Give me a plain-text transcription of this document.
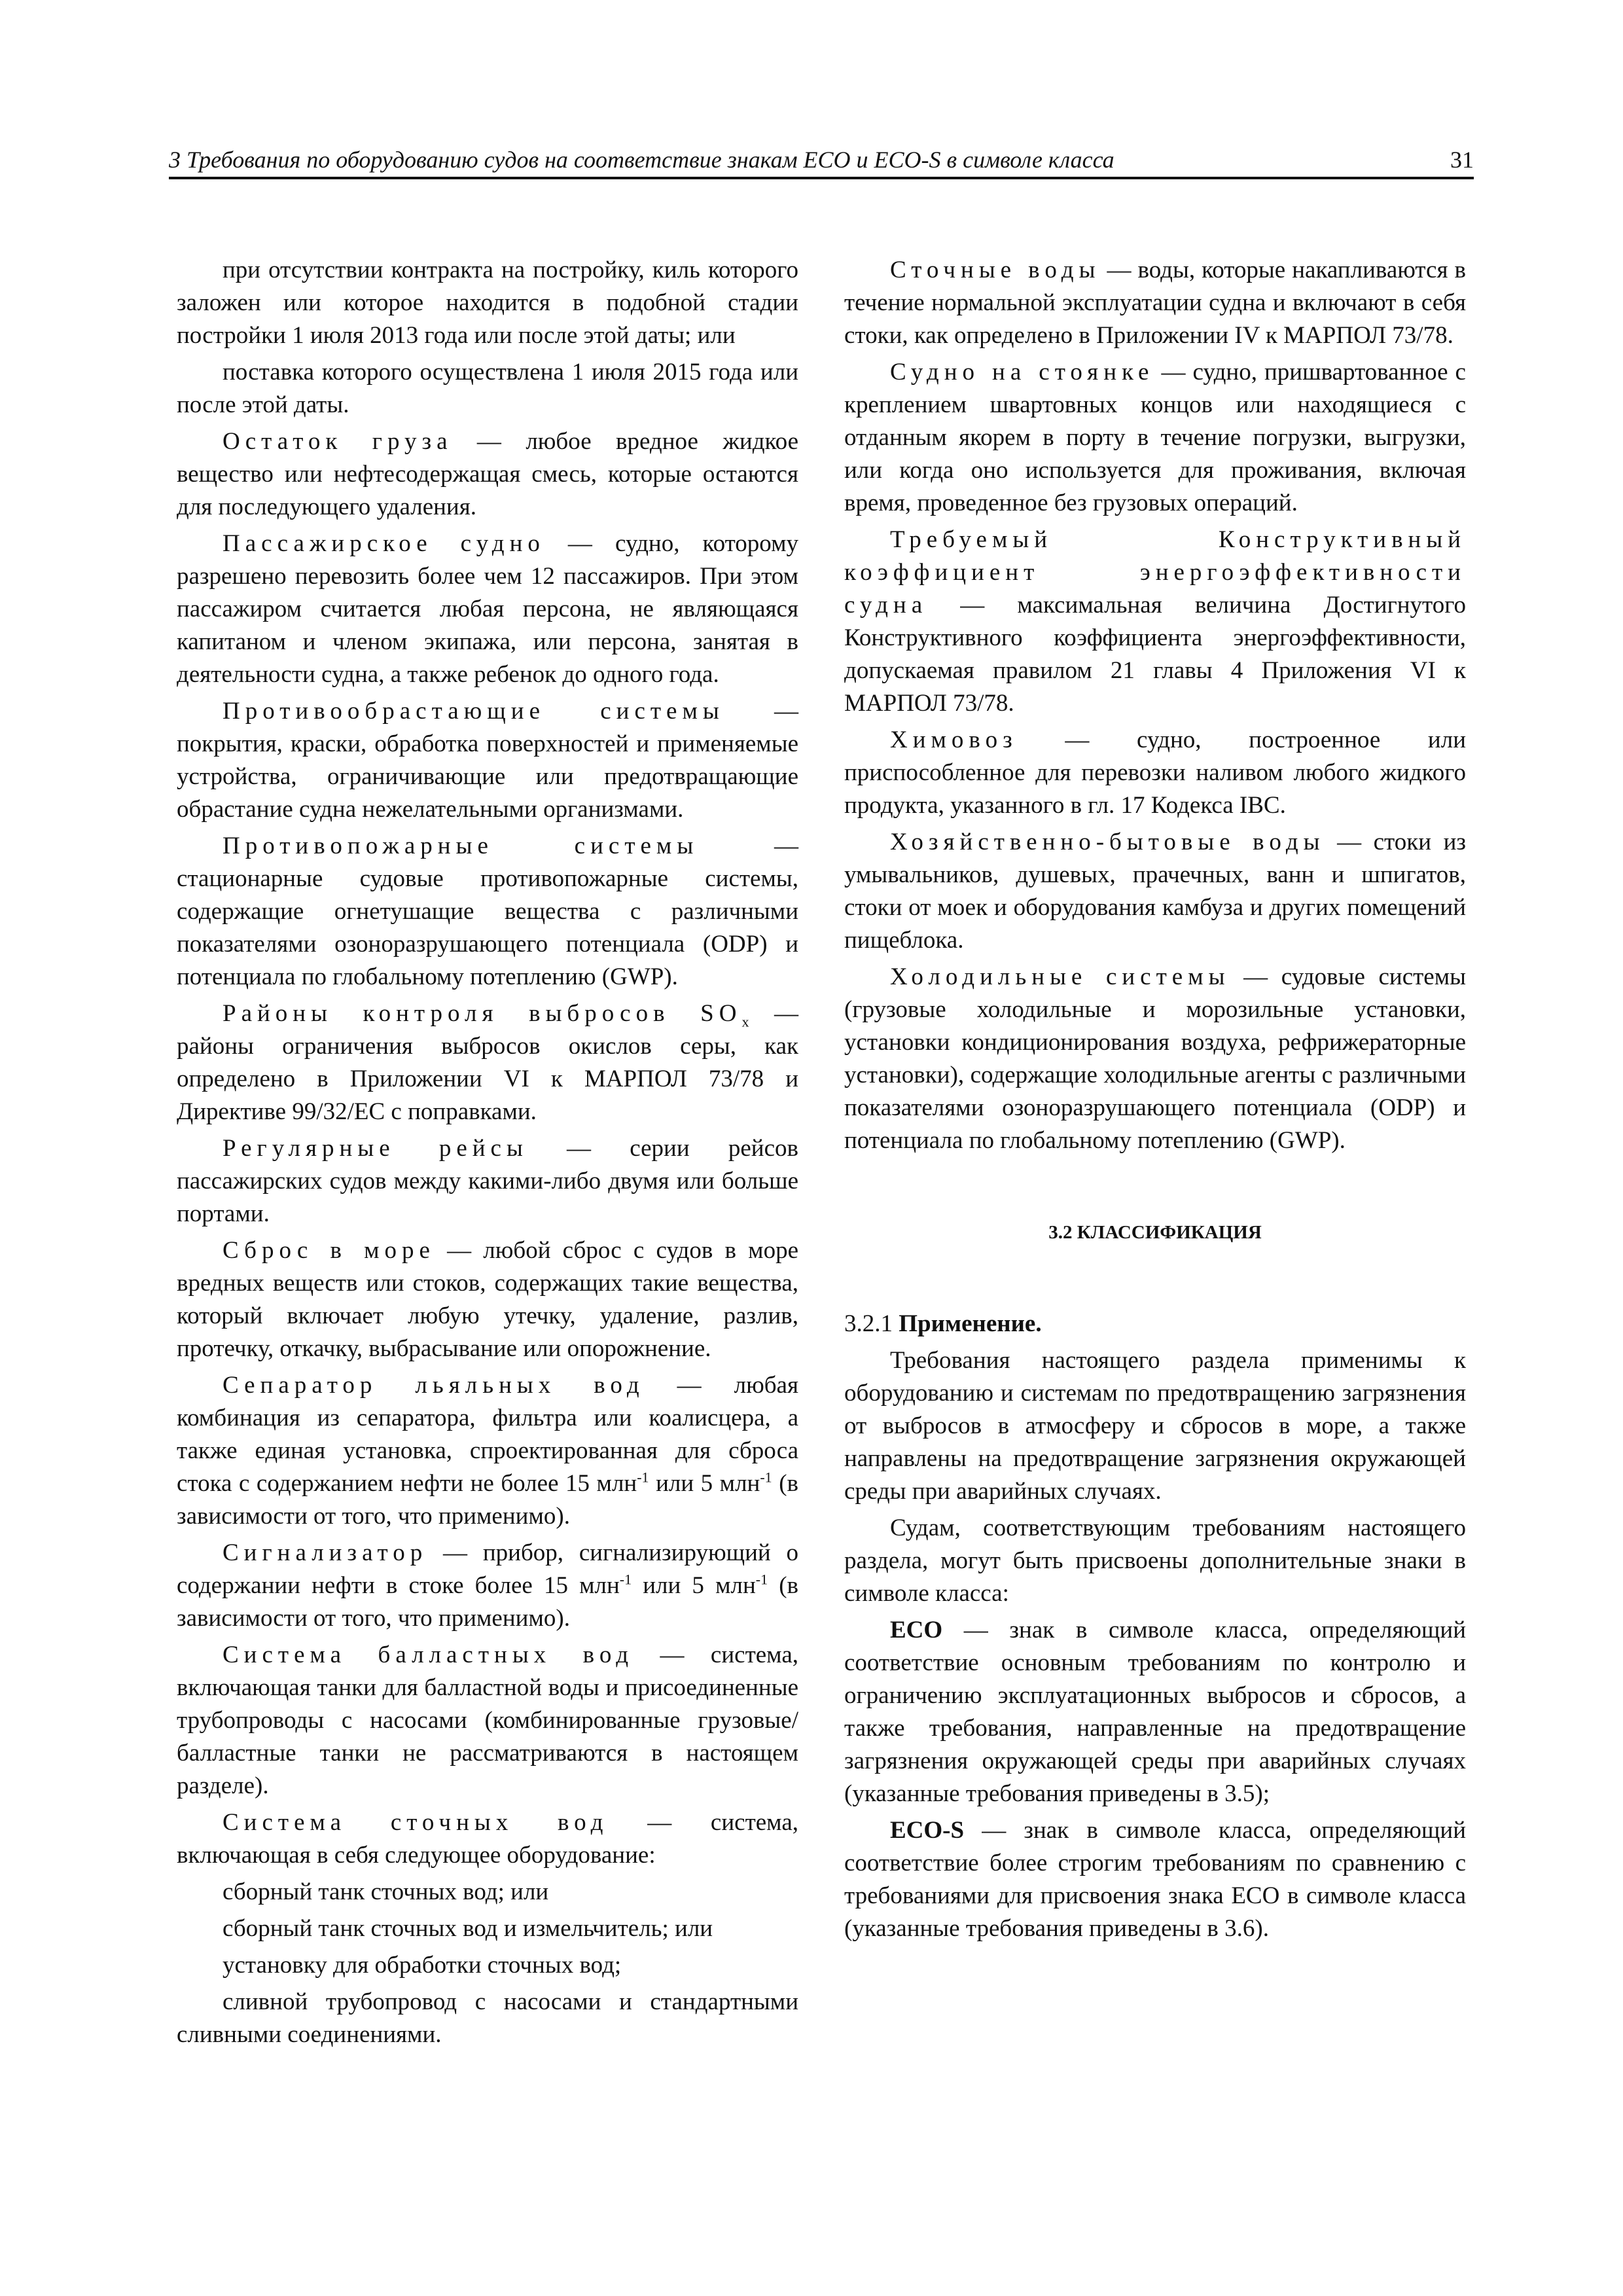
3 Требования по оборудованию судов на соответствие знакам ECO и ECO-S в символе класса	31

при отсутствии контракта на постройку, киль которого заложен или которое находится в подобной стадии постройки 1 июля 2013 года или после этой даты; или

поставка которого осуществлена 1 июля 2015 года или после этой даты.

Остаток груза — любое вредное жидкое вещество или нефтесодержащая смесь, которые остаются для последующего удаления.

Пассажирское судно — судно, которому разрешено перевозить более чем 12 пассажиров. При этом пассажиром считается любая персона, не являющаяся капитаном и членом экипажа, или персона, занятая в деятельности судна, а также ребенок до одного года.

Противообрастающие системы — покрытия, краски, обработка поверхностей и применяемые устройства, ограничивающие или предотвращающие обрастание судна нежелательными организмами.

Противопожарные системы — стационарные судовые противопожарные системы, содержащие огнетушащие вещества с различными показателями озоноразрушающего потенциала (ODP) и потенциала по глобальному потеплению (GWP).

Районы контроля выбросов $SO_x$ — районы ограничения выбросов окислов серы, как определено в Приложении VI к МАРПОЛ 73/78 и Директиве 99/32/ЕС с поправками.

Регулярные рейсы — серии рейсов пассажирских судов между какими-либо двумя или больше портами.

Сброс в море — любой сброс с судов в море вредных веществ или стоков, содержащих такие вещества, который включает любую утечку, удаление, разлив, протечку, откачку, выбрасывание или опорожнение.

Сепаратор льяльных вод — любая комбинация из сепаратора, фильтра или коалисцера, а также единая установка, спроектированная для сброса стока с содержанием нефти не более 15 млн$^{-1}$ или 5 млн$^{-1}$ (в зависимости от того, что применимо).

Сигнализатор — прибор, сигнализирующий о содержании нефти в стоке более 15 млн$^{-1}$ или 5 млн$^{-1}$ (в зависимости от того, что применимо).

Система балластных вод — система, включающая танки для балластной воды и присоединенные трубопроводы с насосами (комбинированные грузовые/балластные танки не рассматриваются в настоящем разделе).

Система сточных вод — система, включающая в себя следующее оборудование:

сборный танк сточных вод; или

сборный танк сточных вод и измельчитель; или

установку для обработки сточных вод;

сливной трубопровод с насосами и стандартными сливными соединениями.

Сточные воды — воды, которые накапливаются в течение нормальной эксплуатации судна и включают в себя стоки, как определено в Приложении IV к МАРПОЛ 73/78.

Судно на стоянке — судно, пришвартованное с креплением швартовных концов или находящиеся с отданным якорем в порту в течение погрузки, выгрузки, или когда оно используется для проживания, включая время, проведенное без грузовых операций.

Требуемый Конструктивный коэффициент энергоэффективности судна — максимальная величина Достигнутого Конструктивного коэффициента энергоэффективности, допускаемая правилом 21 главы 4 Приложения VI к МАРПОЛ 73/78.

Химовоз — судно, построенное или приспособленное для перевозки наливом любого жидкого продукта, указанного в гл. 17 Кодекса IBC.

Хозяйственно-бытовые воды — стоки из умывальников, душевых, прачечных, ванн и шпигатов, стоки от моек и оборудования камбуза и других помещений пищеблока.

Холодильные системы — судовые системы (грузовые холодильные и морозильные установки, установки кондиционирования воздуха, рефрижераторные установки), содержащие холодильные агенты с различными показателями озоноразрушающего потенциала (ODP) и потенциала по глобальному потеплению (GWP).

3.2 КЛАССИФИКАЦИЯ

3.2.1 Применение.

Требования настоящего раздела применимы к оборудованию и системам по предотвращению загрязнения от выбросов в атмосферу и сбросов в море, а также направлены на предотвращение загрязнения окружающей среды при аварийных случаях.

Судам, соответствующим требованиям настоящего раздела, могут быть присвоены дополнительные знаки в символе класса:

ECO — знак в символе класса, определяющий соответствие основным требованиям по контролю и ограничению эксплуатационных выбросов и сбросов, а также требования, направленные на предотвращение загрязнения окружающей среды при аварийных случаях (указанные требования приведены в 3.5);

ECO-S — знак в символе класса, определяющий соответствие более строгим требованиям по сравнению с требованиями для присвоения знака ECO в символе класса (указанные требования приведены в 3.6).
